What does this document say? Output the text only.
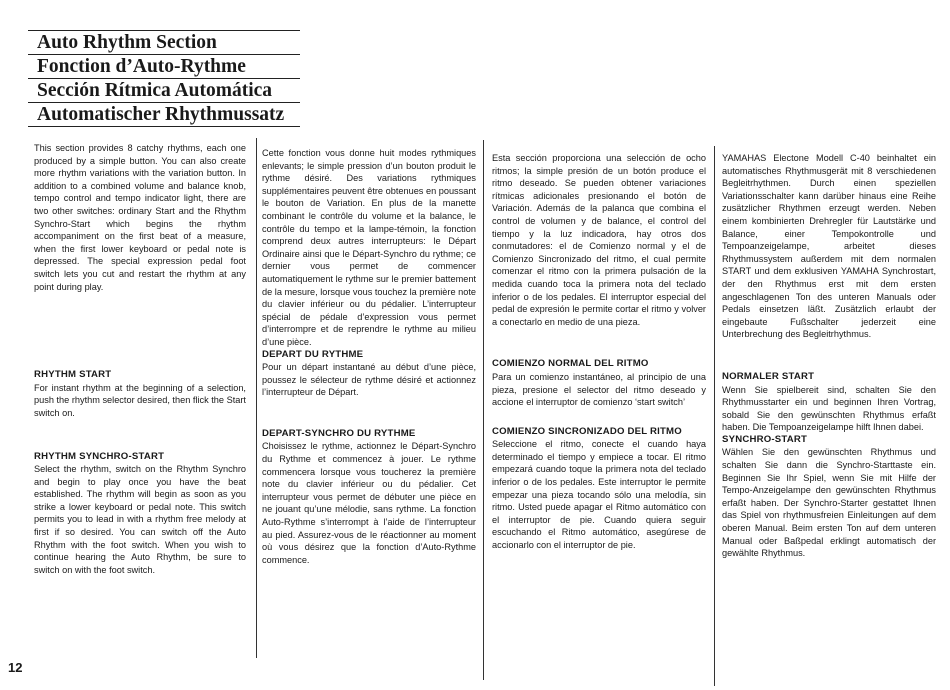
Auto Rhythm Section
Fonction d’Auto-Rythme
Sección Rítmica Automática
Automatischer Rhythmussatz

This section provides 8 catchy rhythms, each one produced by a simple button. You can also create more rhythm variations with the variation button. In addition to a combined volume and balance knob, tempo control and tempo indicator light, there are two other switches: ordinary Start and the Rhythm Synchro-Start which begins the rhythm accompaniment on the first beat of a measure, when the first lower keyboard or pedal note is depressed. The special expression pedal foot switch lets you cut and restart the rhythm at any point during play.

RHYTHM START

For instant rhythm at the beginning of a selection, push the rhythm selector desired, then flick the Start switch on.

RHYTHM SYNCHRO-START

Select the rhythm, switch on the Rhythm Synchro and begin to play once you have the beat established. The rhythm will begin as soon as you strike a lower keyboard or pedal note. This switch permits you to lead in with a rhythm free melody at first if so desired. You can switch off the Auto Rhythm with the foot switch. When you wish to continue hearing the Auto Rhythm, be sure to switch on with the foot switch.

Cette fonction vous donne huit modes rythmiques enlevants; le simple pression d’un bouton produit le rythme désiré. Des variations rythmiques supplémentaires peuvent être obtenues en poussant le bouton de Variation. En plus de la manette combinant le contrôle du volume et la balance, le contrôle du tempo et la lampe-témoin, la fonction comprend deux autres interrupteurs: le Départ Ordinaire ainsi que le Départ-Synchro du rythme; ce dernier vous permet de commencer automatiquement le rythme sur le premier battement de la mesure, lorsque vous touchez la première note du clavier inférieur ou du pédalier. L’interrupteur spécial de pédale d’expression vous permet d’interrompre et de reprendre le rythme au milieu d’une pièce.

DEPART DU RYTHME

Pour un départ instantané au début d’une pièce, poussez le sélecteur de rythme désiré et actionnez l’interrupteur de Départ.

DEPART-SYNCHRO DU RYTHME

Choisissez le rythme, actionnez le Départ-Synchro du Rythme et commencez à jouer. Le rythme commencera lorsque vous toucherez la première note du clavier inférieur ou du pédalier. Cet interrupteur vous permet de débuter une pièce en ne jouant qu’une mélodie, sans rythme. La fonction Auto-Rythme s’interrompt à l’aide de l’interrupteur au pied. Assurez-vous de le réactionner au moment où vous désirez que la fonction d’Auto-Rythme commence.

Esta sección proporciona una selección de ocho ritmos; la simple presión de un botón produce el ritmo deseado. Se pueden obtener variaciones rítmicas adicionales presionando el botón de Variación. Además de la palanca que combina el control de volumen y de balance, el control del tiempo y la luz indicadora, hay otros dos conmutadores: el de Comienzo normal y el de Comienzo Sincronizado del ritmo, el cual permite comenzar el ritmo con la primera pulsación de la medida cuando toca la primera nota del teclado inferior o de los pedales. El interruptor especial del pedal de expresión le permite cortar el ritmo y volver a conectarlo en medio de una pieza.

COMIENZO NORMAL DEL RITMO

Para un comienzo instantáneo, al principio de una pieza, presione el selector del ritmo deseado y accione el interruptor de comienzo ‘start switch’

COMIENZO SINCRONIZADO DEL RITMO

Seleccione el ritmo, conecte el cuando haya determinado el tiempo y empiece a tocar. El ritmo empezará cuando toque la primera nota del teclado inferior o de los pedales. Este interruptor le permite empezar una pieza tocando sólo una melodía, sin ritmo. Usted puede apagar el Ritmo automático con el interruptor de pie. Cuando quiera seguir escuchando el Ritmo automático, asegúrese de accionarlo con el interruptor de pie.

YAMAHAS Electone Modell C-40 beinhaltet ein automatisches Rhythmusgerät mit 8 verschiedenen Begleitrhythmen. Durch einen speziellen Variationsschalter kann darüber hinaus eine Reihe zusätzlicher Rhythmen erzeugt werden. Neben einem kombinierten Drehregler für Lautstärke und Balance, einer Tempokontrolle und Tempoanzeigelampe, arbeitet dieses Rhythmussystem außerdem mit dem normalen START und dem exklusiven YAMAHA Synchrostart, der den Rhythmus erst mit dem ersten angeschlagenen Ton des unteren Manuals oder Pedals einsetzen läßt. Zusätzlich erlaubt der eingebaute Fußschalter jederzeit eine Unterbrechung des Begleitrhythmus.

NORMALER START

Wenn Sie spielbereit sind, schalten Sie den Rhythmusstarter ein und beginnen Ihren Vortrag, sobald Sie den gewünschten Rhythmus erfaßt haben. Die Tempoanzeigelampe hilft Ihnen dabei.

SYNCHRO-START

Wählen Sie den gewünschten Rhythmus und schalten Sie dann die Synchro-Starttaste ein. Beginnen Sie Ihr Spiel, wenn Sie mit Hilfe der Tempo-Anzeigelampe den gewünschten Rhythmus erfaßt haben. Der Synchro-Starter gestattet Ihnen das Spiel von rhythmusfreien Einleitungen auf dem oberen Manual. Beim ersten Ton auf dem unteren Manual oder Baßpedal erklingt automatisch der gewählte Rhythmus.

12
